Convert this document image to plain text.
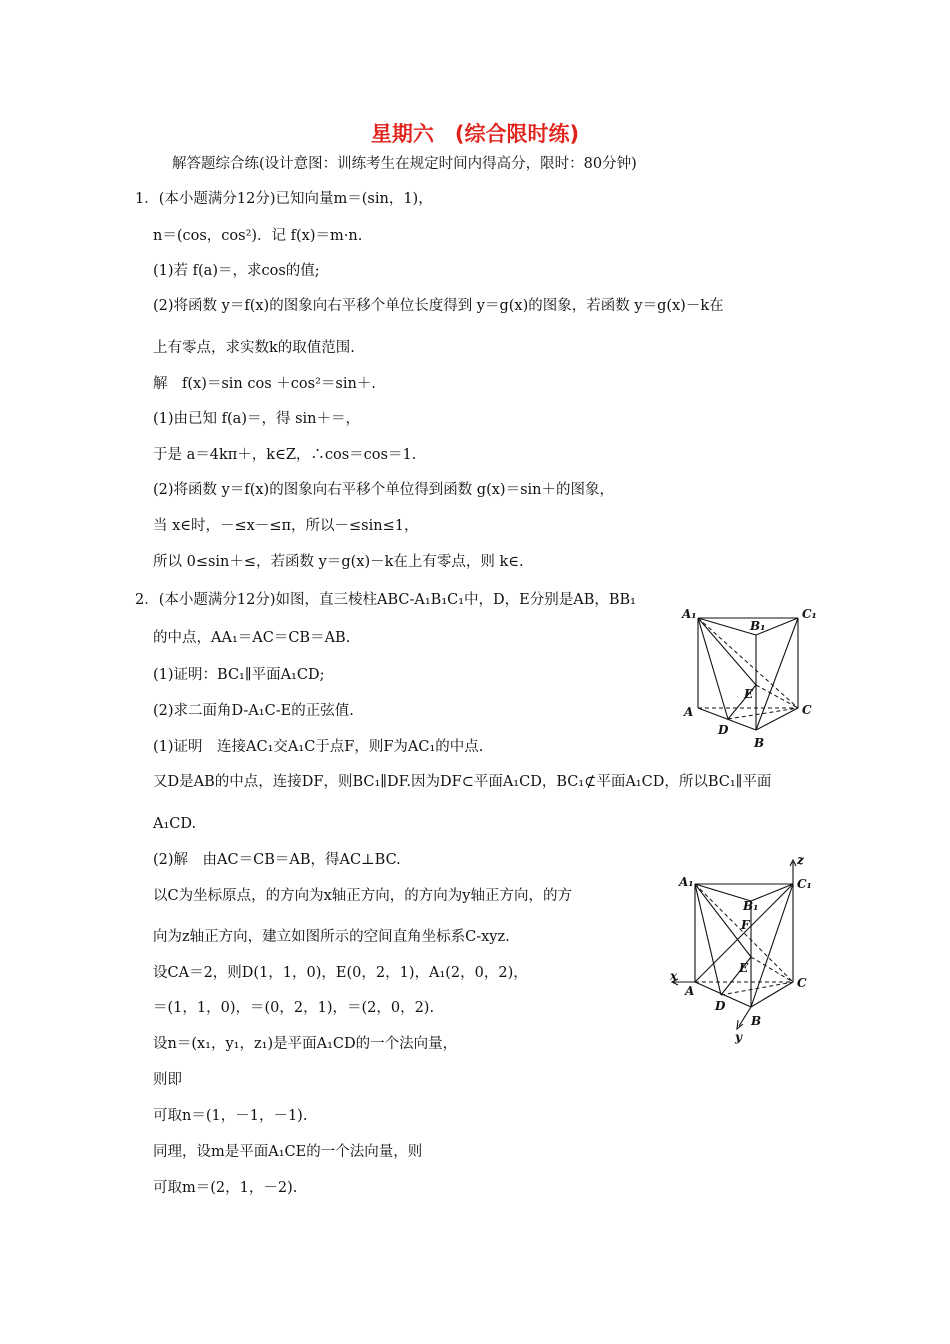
星期六　(综合限时练)
解答题综合练(设计意图：训练考生在规定时间内得高分，限时：80分钟)
1．(本小题满分12分)已知向量m＝(sin，1)，
n＝(cos，cos²)．记 f(x)＝m·n.
(1)若 f(a)＝，求cos的值;
(2)将函数 y＝f(x)的图象向右平移个单位长度得到 y＝g(x)的图象，若函数 y＝g(x)－k在
上有零点，求实数k的取值范围.
解　f(x)＝sin cos ＋cos²＝sin＋.
(1)由已知 f(a)＝，得 sin＋＝，
于是 a＝4kπ＋，k∈Z，∴cos＝cos＝1.
(2)将函数 y＝f(x)的图象向右平移个单位得到函数 g(x)＝sin＋的图象，
当 x∈时，－≤x－≤π，所以－≤sin≤1，
所以 0≤sin＋≤，若函数 y＝g(x)－k在上有零点，则 k∈.
2．(本小题满分12分)如图，直三棱柱ABC-A₁B₁C₁中，D，E分别是AB，BB₁
的中点，AA₁＝AC＝CB＝AB.
(1)证明：BC₁∥平面A₁CD;
(2)求二面角D-A₁C-E的正弦值.
(1)证明　连接AC₁交A₁C于点F，则F为AC₁的中点.
又D是AB的中点，连接DF，则BC₁∥DF.因为DF⊂平面A₁CD，BC₁⊄平面A₁CD，所以BC₁∥平面
A₁CD.
(2)解　由AC＝CB＝AB，得AC⊥BC.
以C为坐标原点，的方向为x轴正方向，的方向为y轴正方向，的方
向为z轴正方向，建立如图所示的空间直角坐标系C-xyz.
设CA＝2，则D(1，1，0)，E(0，2，1)，A₁(2，0，2)，
＝(1，1，0)，＝(0，2，1)，＝(2，0，2).
设n＝(x₁，y₁，z₁)是平面A₁CD的一个法向量，
则即
可取n＝(1，－1，－1).
同理，设m是平面A₁CE的一个法向量，则
可取m＝(2，1，－2).
A₁	C₁
B₁
E
A	C
D
B
z
A₁	C₁
B₁
F
E
x
A
C
D
B
y
